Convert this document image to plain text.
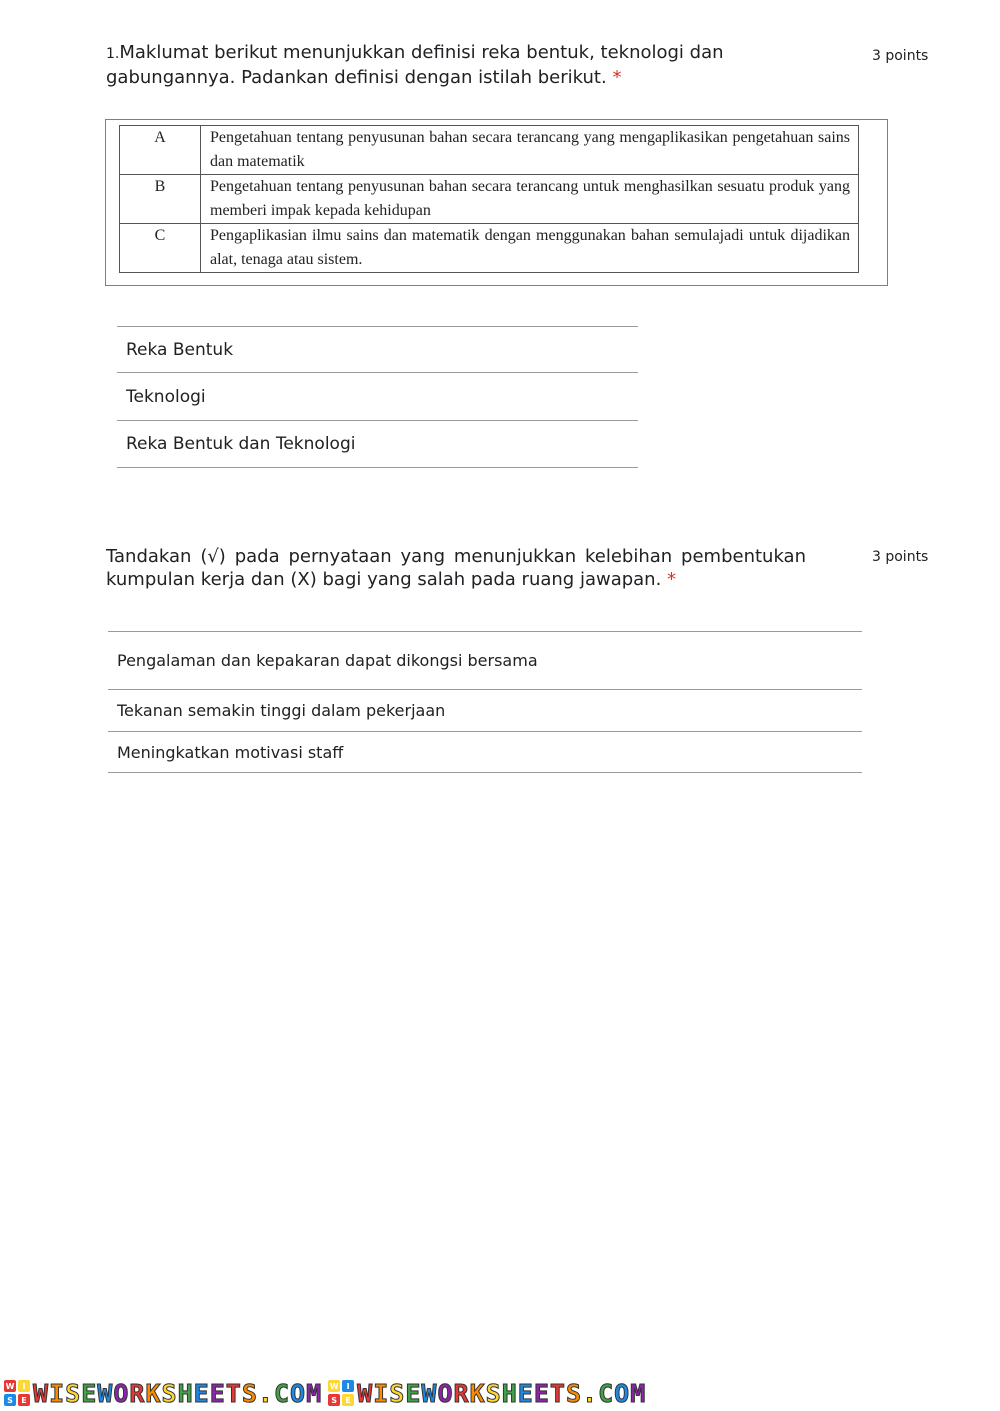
1.Maklumat berikut menunjukkan definisi reka bentuk, teknologi dan gabungannya. Padankan definisi dengan istilah berikut. *
3 points
A	Pengetahuan tentang penyusunan bahan secara terancang yang mengaplikasikan pengetahuan sains dan matematik
B	Pengetahuan tentang penyusunan bahan secara terancang untuk menghasilkan sesuatu produk yang memberi impak kepada kehidupan
C	Pengaplikasian ilmu sains dan matematik dengan menggunakan bahan semulajadi untuk dijadikan alat, tenaga atau sistem.
Reka Bentuk
Teknologi
Reka Bentuk dan Teknologi
Tandakan (√) pada pernyataan yang menunjukkan kelebihan pembentukan kumpulan kerja dan (X) bagi yang salah pada ruang jawapan. *
3 points
Pengalaman dan kepakaran dapat dikongsi bersama
Tekanan semakin tinggi dalam pekerjaan
Meningkatkan motivasi staff
W	I
S	E WISEWORKSHEETS.COM W	I
S	E WISEWORKSHEETS.COM
